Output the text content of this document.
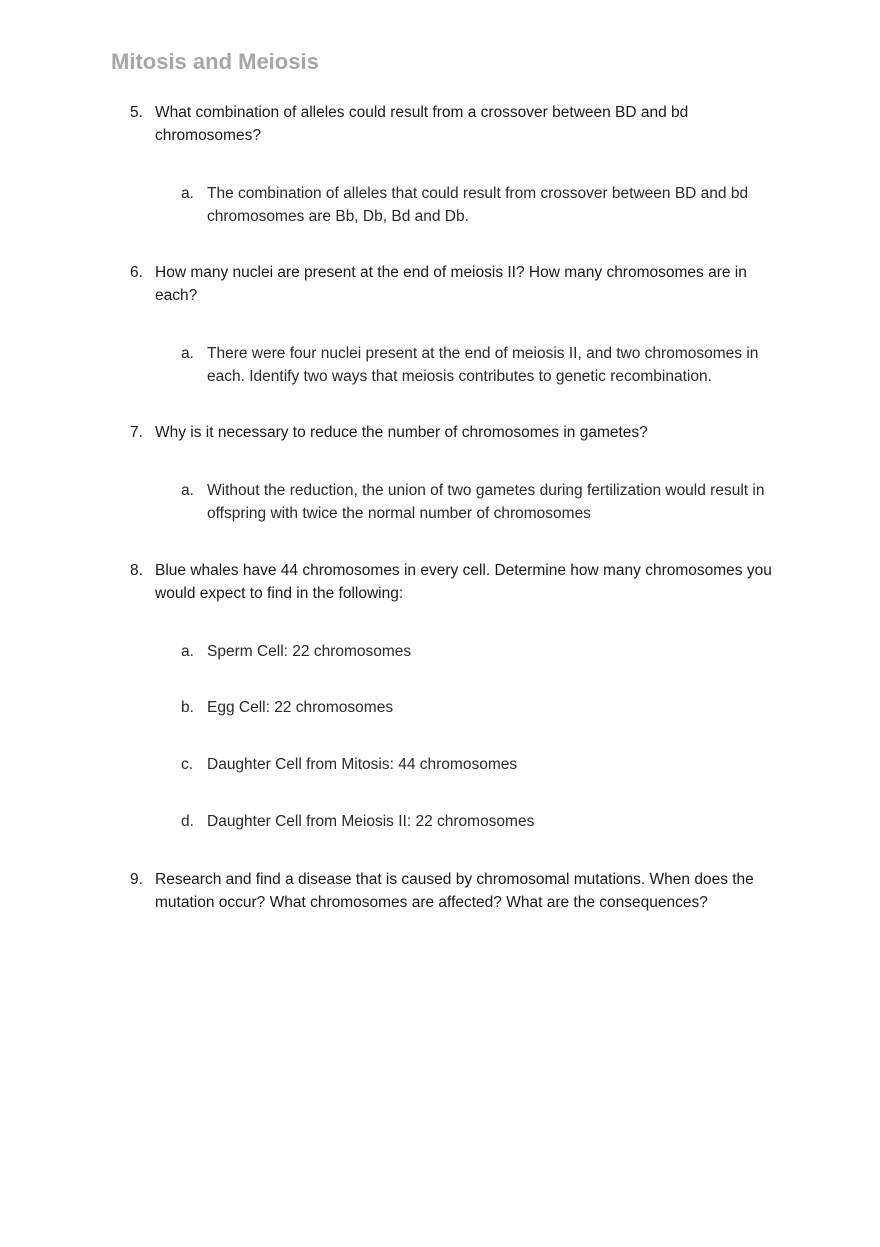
Mitosis and Meiosis
5. What combination of alleles could result from a crossover between BD and bd chromosomes?
a. The combination of alleles that could result from crossover between BD and bd chromosomes are Bb, Db, Bd and Db.
6. How many nuclei are present at the end of meiosis II? How many chromosomes are in each?
a. There were four nuclei present at the end of meiosis II, and two chromosomes in each. Identify two ways that meiosis contributes to genetic recombination.
7. Why is it necessary to reduce the number of chromosomes in gametes?
a. Without the reduction, the union of two gametes during fertilization would result in offspring with twice the normal number of chromosomes
8. Blue whales have 44 chromosomes in every cell. Determine how many chromosomes you would expect to find in the following:
a. Sperm Cell: 22 chromosomes
b. Egg Cell: 22 chromosomes
c. Daughter Cell from Mitosis: 44 chromosomes
d. Daughter Cell from Meiosis II: 22 chromosomes
9. Research and find a disease that is caused by chromosomal mutations. When does the mutation occur? What chromosomes are affected? What are the consequences?
